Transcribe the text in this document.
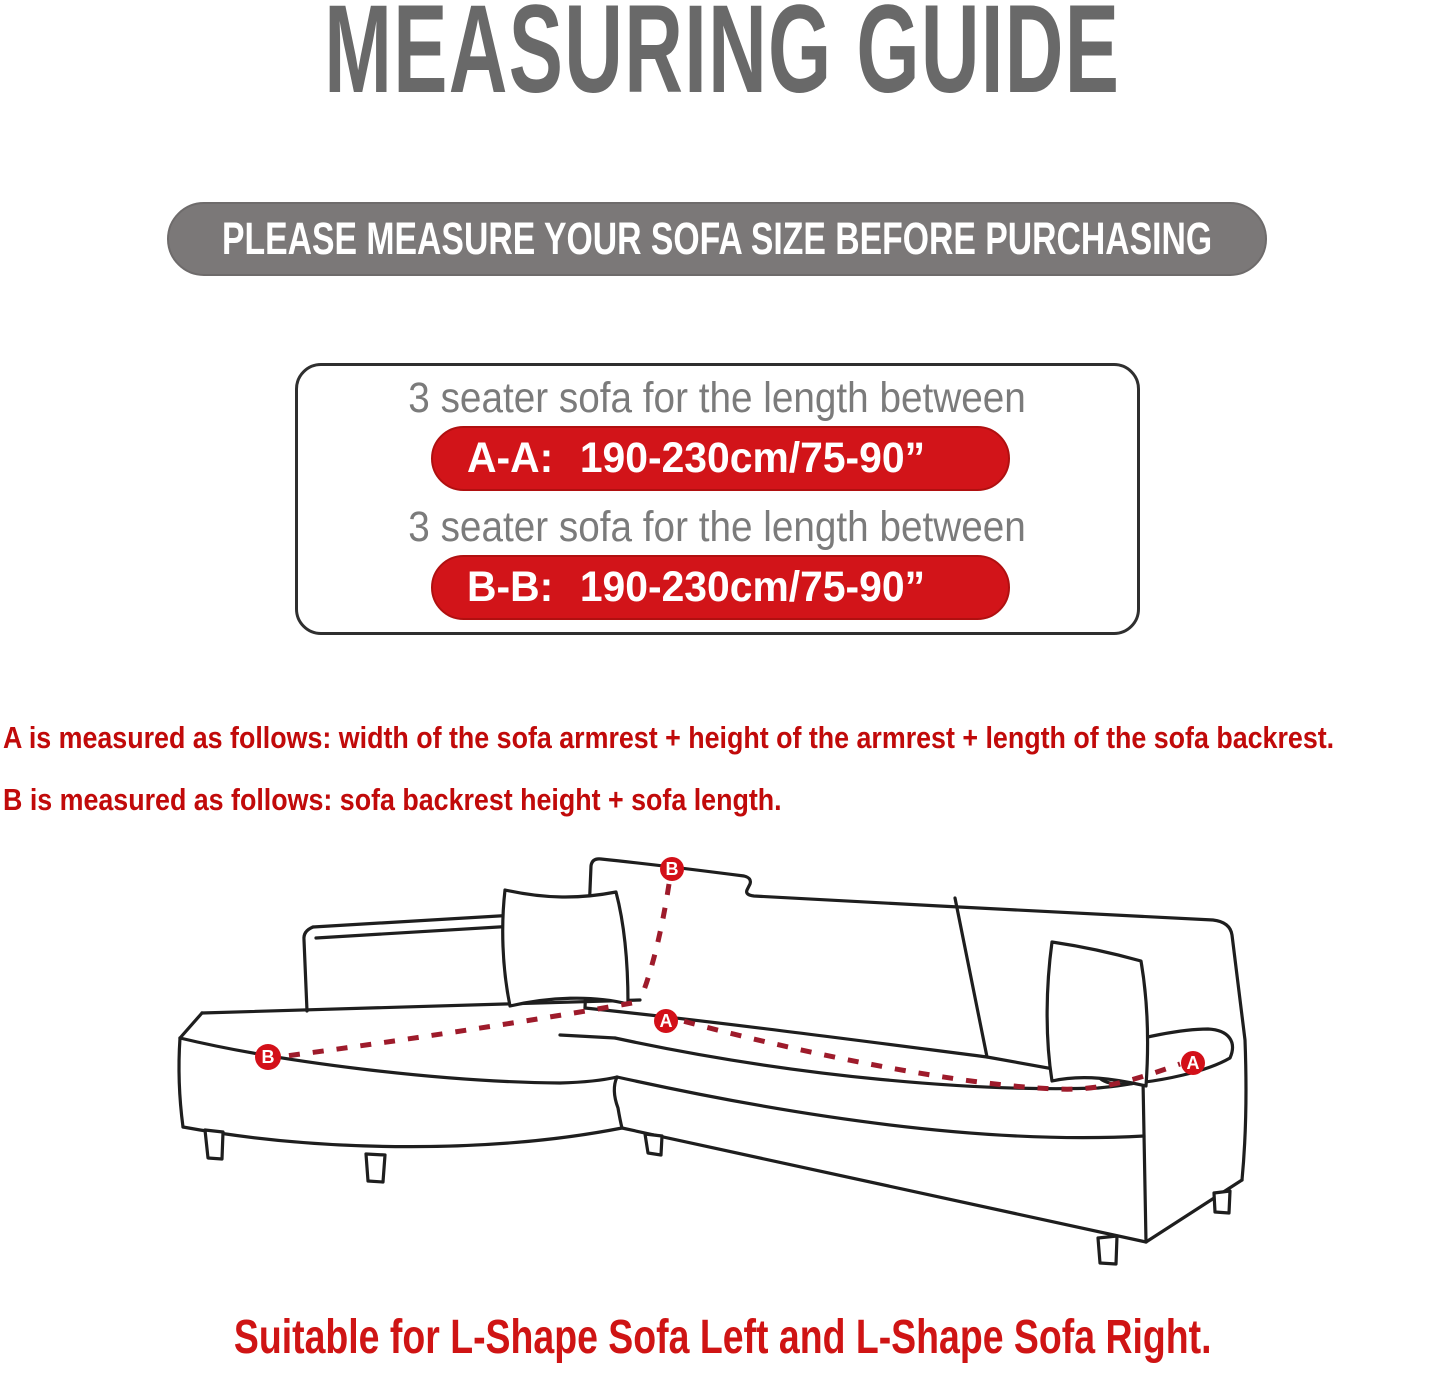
MEASURING GUIDE
PLEASE MEASURE YOUR SOFA SIZE BEFORE PURCHASING
3 seater sofa for the length between
A-A: 190-230cm/75-90”
3 seater sofa for the length between
B-B: 190-230cm/75-90”
A is measured as follows: width of the sofa armrest + height of the armrest + length of the sofa backrest.
B is measured as follows: sofa backrest height + sofa length.
B
A
B	A
Suitable for L-Shape Sofa Left and L-Shape Sofa Right.
